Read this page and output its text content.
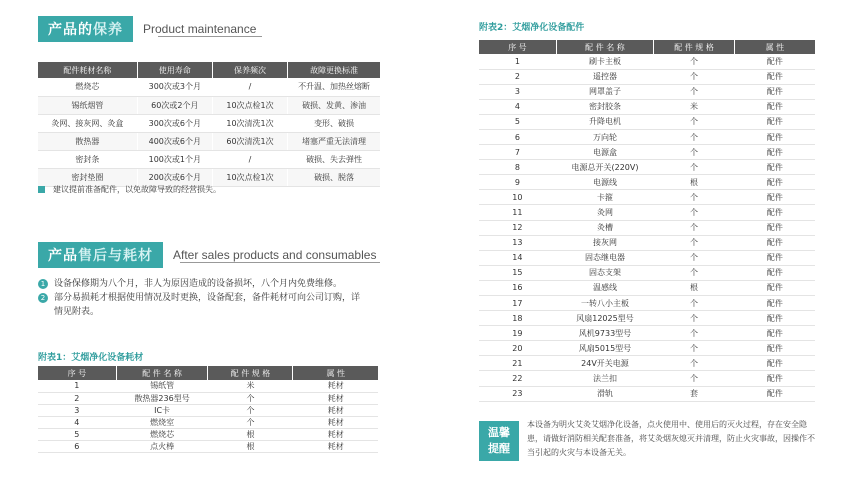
产品的保养	Product maintenance
配件耗材名称	使用寿命	保养频次	故障更换标准
燃烧芯	300次或3个月	/	不升温、加热丝熔断
锡纸烟管	60次或2个月	10次点检1次	破损、发黄、渗油
灸网、接灰网、灸盒	300次或6个月	10次清洗1次	变形、破损
散热器	400次或6个月	60次清洗1次	堵塞严重无法清理
密封条	100次或1个月	/	破损、失去弹性
密封垫圈	200次或6个月	10次点检1次	破损、脱落
建议提前准备配件，以免故障导致的经营损失。
产品售后与耗材	After sales products and consumables
1 设备保修期为八个月，非人为原因造成的设备损坏，八个月内免费维修。
2 部分易损耗才根据使用情况及时更换，设备配套，备件耗材可向公司订购，详情见附表。
附表1：艾烟净化设备耗材
序 号	配 件 名 称	配 件 规 格	属 性
1	锡纸管	米	耗材
2	散热器236型号	个	耗材
3	IC卡	个	耗材
4	燃烧室	个	耗材
5	燃烧芯	根	耗材
6	点火棒	根	耗材
附表2：艾烟净化设备配件
序 号	配 件 名 称	配 件 规 格	属 性
1	刷卡主板	个	配件
2	遥控器	个	配件
3	网罩盖子	个	配件
4	密封胶条	米	配件
5	升降电机	个	配件
6	万向轮	个	配件
7	电源盒	个	配件
8	电源总开关(220V)	个	配件
9	电源线	根	配件
10	卡箍	个	配件
11	灸网	个	配件
12	灸槽	个	配件
13	接灰网	个	配件
14	固态继电器	个	配件
15	固态支架	个	配件
16	温感线	根	配件
17	一转八小主板	个	配件
18	风扇12025型号	个	配件
19	风机9733型号	个	配件
20	风扇5015型号	个	配件
21	24V开关电源	个	配件
22	法兰扣	个	配件
23	滑轨	套	配件
温馨
提醒
本设备为明火艾灸艾烟净化设备，点火使用中、使用后的灭火过程，存在安全隐患，请做好消防相关配套准备，将艾灸烟灰熄灭并清理，防止火灾事故，因操作不当引起的火灾与本设备无关。
